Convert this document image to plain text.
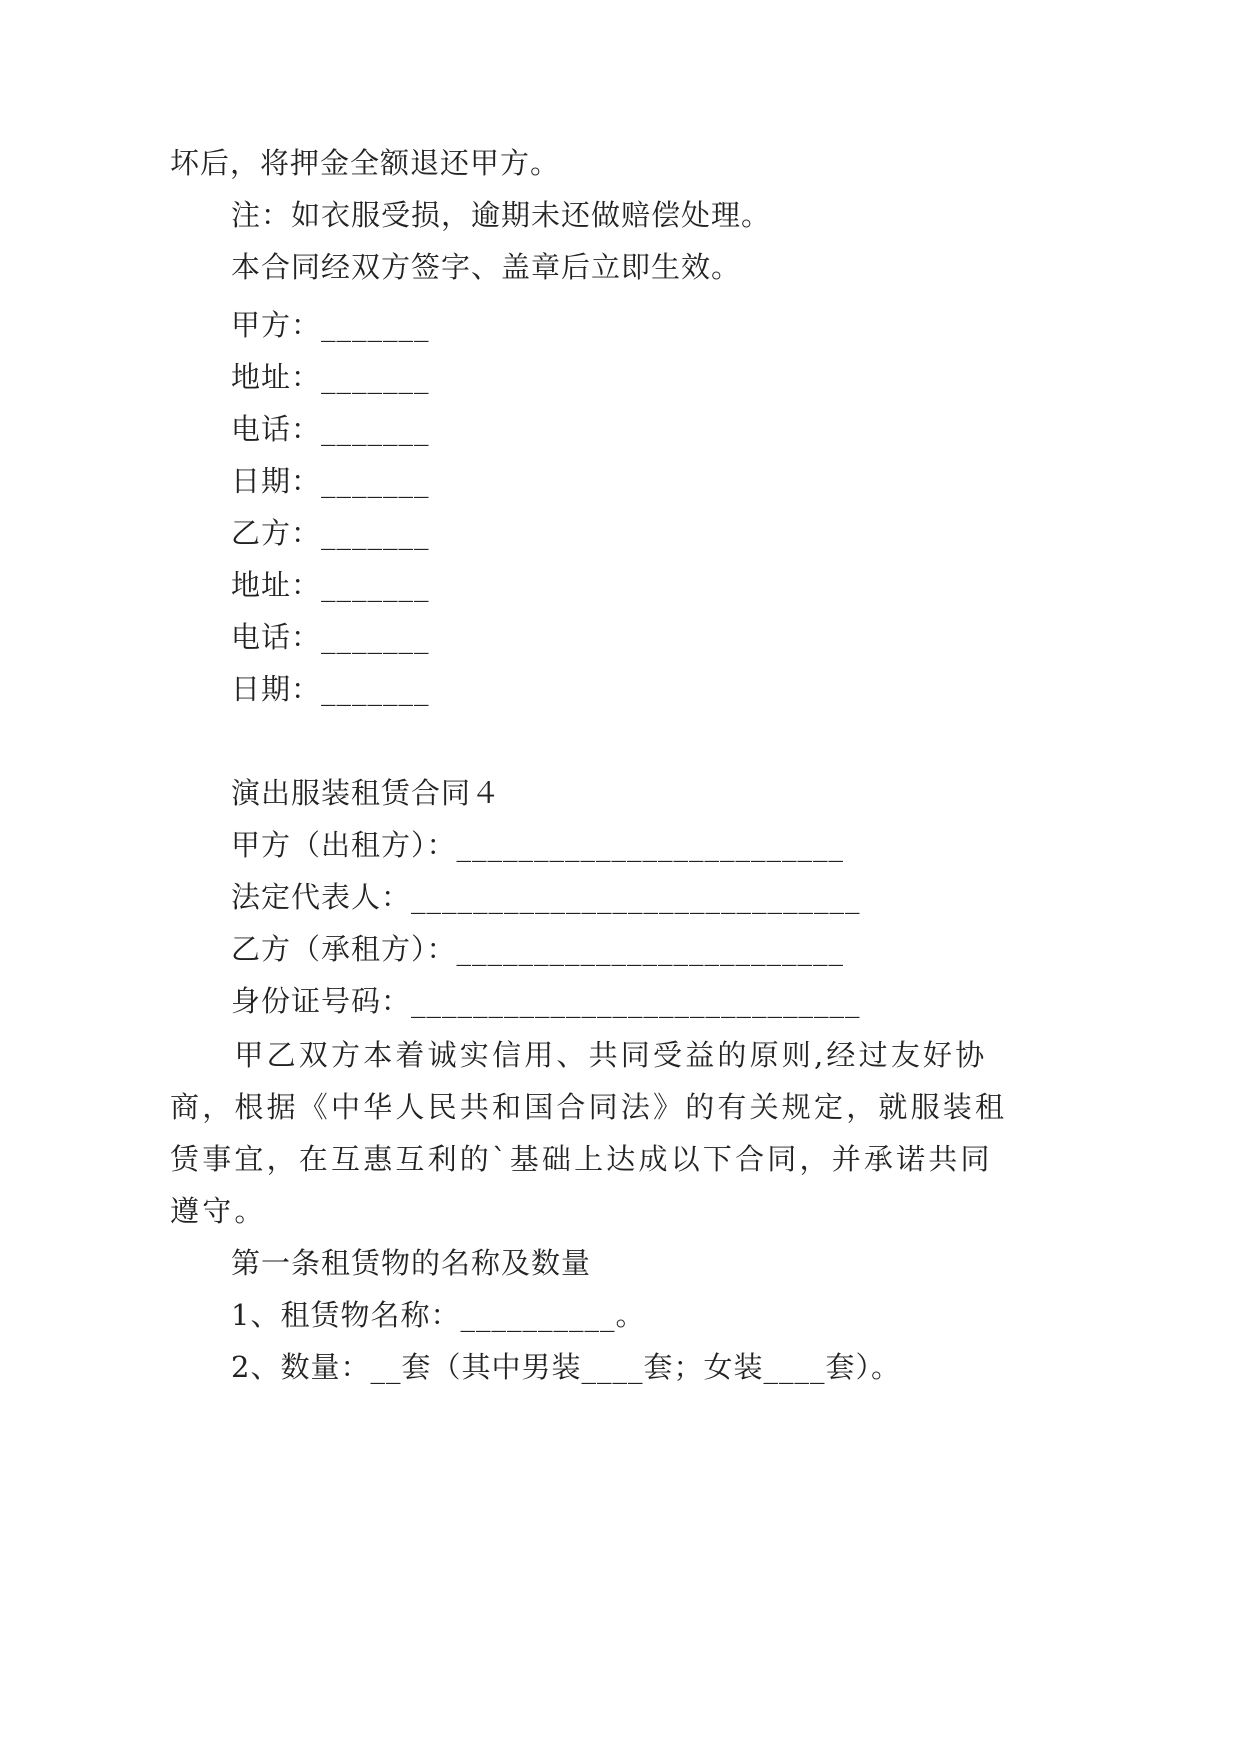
坏后，将押金全额退还甲方。
注：如衣服受损，逾期未还做赔偿处理。
本合同经双方签字、盖章后立即生效。
甲方：_______
地址：_______
电话：_______
日期：_______
乙方：_______
地址：_______
电话：_______
日期：_______
演出服装租赁合同４
甲方（出租方）：_________________________
法定代表人：_____________________________
乙方（承租方）：_________________________
身份证号码：_____________________________
　　甲乙双方本着诚实信用、共同受益的原则,经过友好协
商，根据《中华人民共和国合同法》的有关规定，就服装租
赁事宜，在互惠互利的`基础上达成以下合同，并承诺共同
遵守。
第一条租赁物的名称及数量
1、租赁物名称：__________。
2、数量：__套（其中男装____套；女装____套）。
